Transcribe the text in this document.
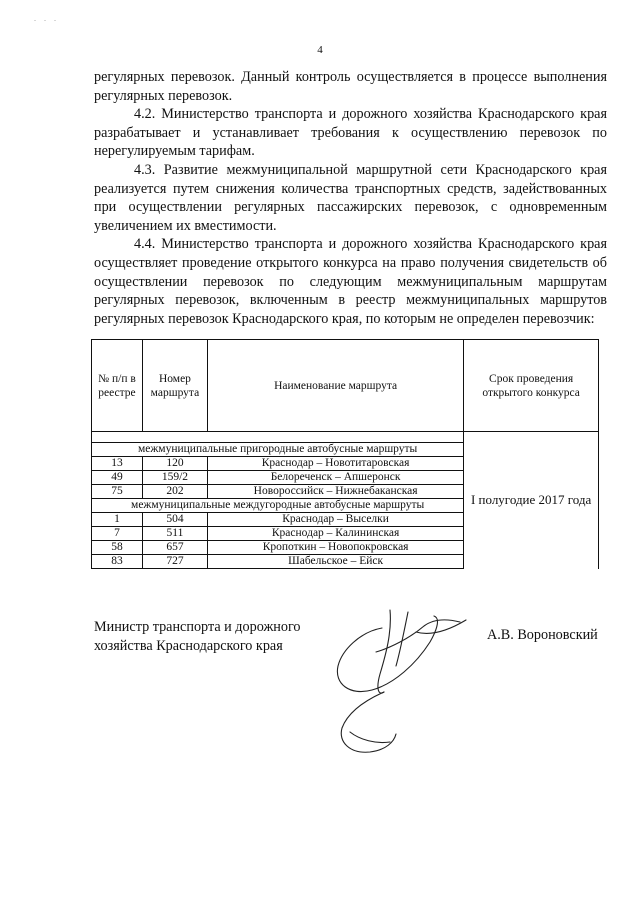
. . .
4

регулярных перевозок. Данный контроль осуществляется в процессе выполнения регулярных перевозок.

4.2. Министерство транспорта и дорожного хозяйства Краснодарского края разрабатывает и устанавливает требования к осуществлению перевозок по нерегулируемым тарифам.

4.3. Развитие межмуниципальной маршрутной сети Краснодарского края реализуется путем снижения количества транспортных средств, задействованных при осуществлении регулярных пассажирских перевозок, с одновременным увеличением их вместимости.

4.4. Министерство транспорта и дорожного хозяйства Краснодарского края осуществляет проведение открытого конкурса на право получения свидетельств об осуществлении перевозок по следующим межмуниципальным маршрутам регулярных перевозок, включенным в реестр межмуниципальных маршрутов регулярных перевозок Краснодарского края, по которым не определен перевозчик:

№ п/п в реестре	Номер маршрута	Наименование маршрута	Срок проведения открытого конкурса
			I полугодие 2017 года
межмуниципальные пригородные автобусные маршруты			
13	120	Краснодар – Новотитаровская	
49	159/2	Белореченск – Апшеронск	
75	202	Новороссийск – Нижнебаканская	
межмуниципальные междугородные автобусные маршруты			
1	504	Краснодар – Выселки	
7	511	Краснодар – Калининская	
58	657	Кропоткин – Новопокровская	
83	727	Шабельское – Ейск	
Министр транспорта и дорожного
хозяйства Краснодарского края
А.В. Вороновский
